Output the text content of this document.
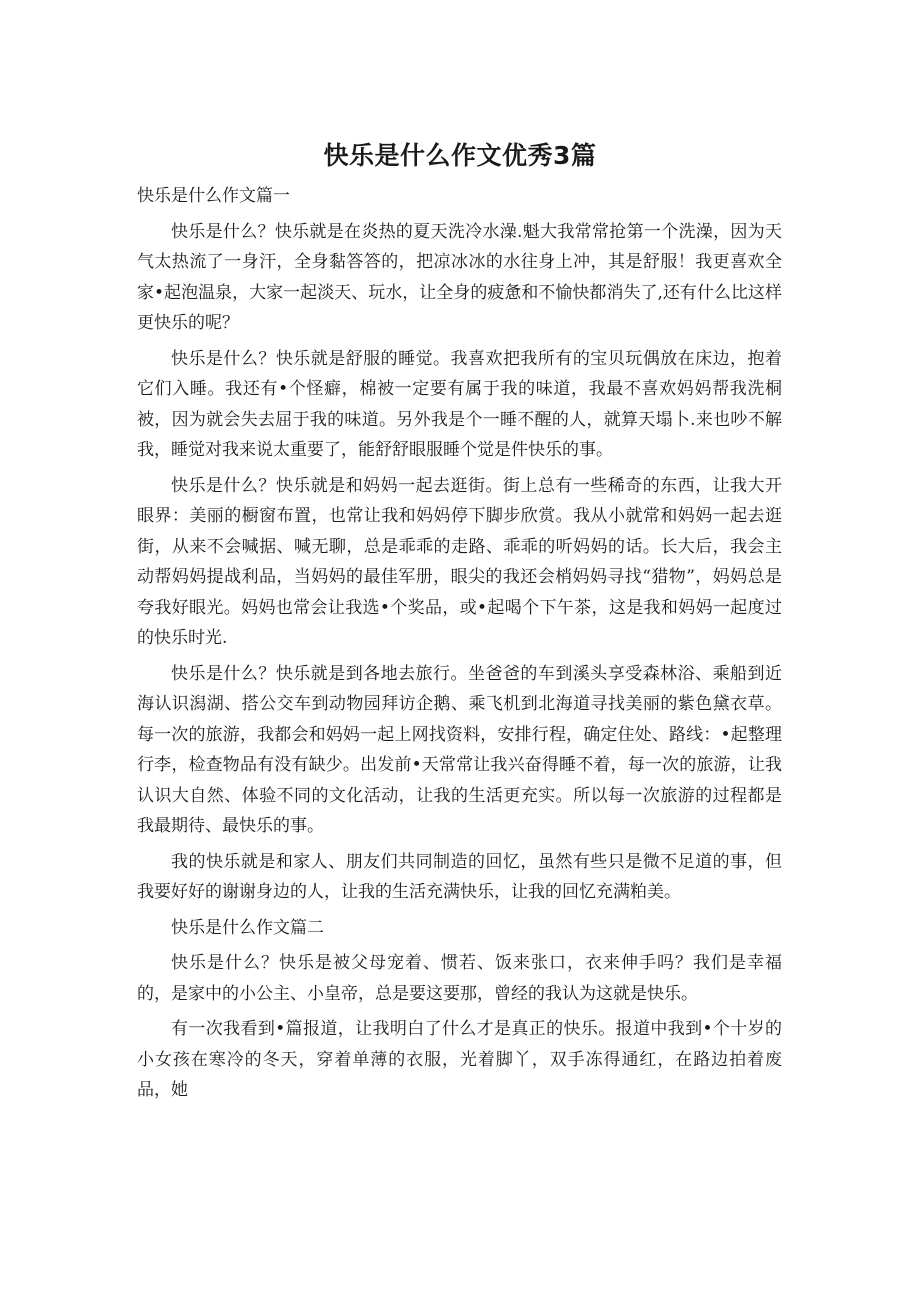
快乐是什么作文优秀3篇

快乐是什么作文篇一

快乐是什么？快乐就是在炎热的夏天洗冷水澡.魁大我常常抢第一个洗澡，因为天气太热流了一身汗，全身黏答答的，把凉冰冰的水往身上冲，其是舒服！我更喜欢全家•起泡温泉，大家一起淡天、玩水，让全身的疲惫和不愉快都消失了,还有什么比这样更快乐的呢？

快乐是什么？快乐就是舒服的睡觉。我喜欢把我所有的宝贝玩偶放在床边，抱着它们入睡。我还有•个怪癖，棉被一定要有属于我的味道，我最不喜欢妈妈帮我洗桐被，因为就会失去屈于我的味道。另外我是个一睡不醒的人，就算天塌卜.来也吵不解我，睡觉对我来说太重要了，能舒舒眼服睡个觉是件快乐的事。

快乐是什么？快乐就是和妈妈一起去逛街。街上总有一些稀奇的东西，让我大开眼界：美丽的橱窗布置，也常让我和妈妈停下脚步欣赏。我从小就常和妈妈一起去逛街，从来不会喊据、喊无聊，总是乖乖的走路、乖乖的听妈妈的话。长大后，我会主动帮妈妈提战利品，当妈妈的最佳军册，眼尖的我还会梢妈妈寻找“猎物”，妈妈总是夸我好眼光。妈妈也常会让我选•个奖品，或•起喝个下午茶，这是我和妈妈一起度过的快乐时光.

快乐是什么？快乐就是到各地去旅行。坐爸爸的车到溪头享受森林浴、乘船到近海认识潟湖、搭公交车到动物园拜访企鹅、乘飞机到北海道寻找美丽的紫色黛衣草。每一次的旅游，我都会和妈妈一起上网找资料，安排行程，确定住处、路线：•起整理行李，检查物品有没有缺少。出发前•天常常让我兴奋得睡不着，每一次的旅游，让我认识大自然、体验不同的文化活动，让我的生活更充实。所以每一次旅游的过程都是我最期待、最快乐的事。

我的快乐就是和家人、朋友们共同制造的回忆，虽然有些只是微不足道的事，但我要好好的谢谢身边的人，让我的生活充满快乐，让我的回忆充满粕美。

快乐是什么作文篇二

快乐是什么？快乐是被父母宠着、惯若、饭来张口，衣来伸手吗？我们是幸福的，是家中的小公主、小皇帝，总是要这要那，曾经的我认为这就是快乐。

有一次我看到•篇报道，让我明白了什么才是真正的快乐。报道中我到•个十岁的小女孩在寒冷的冬天，穿着单薄的衣服，光着脚丫，双手冻得通红，在路边拍着废品，她
